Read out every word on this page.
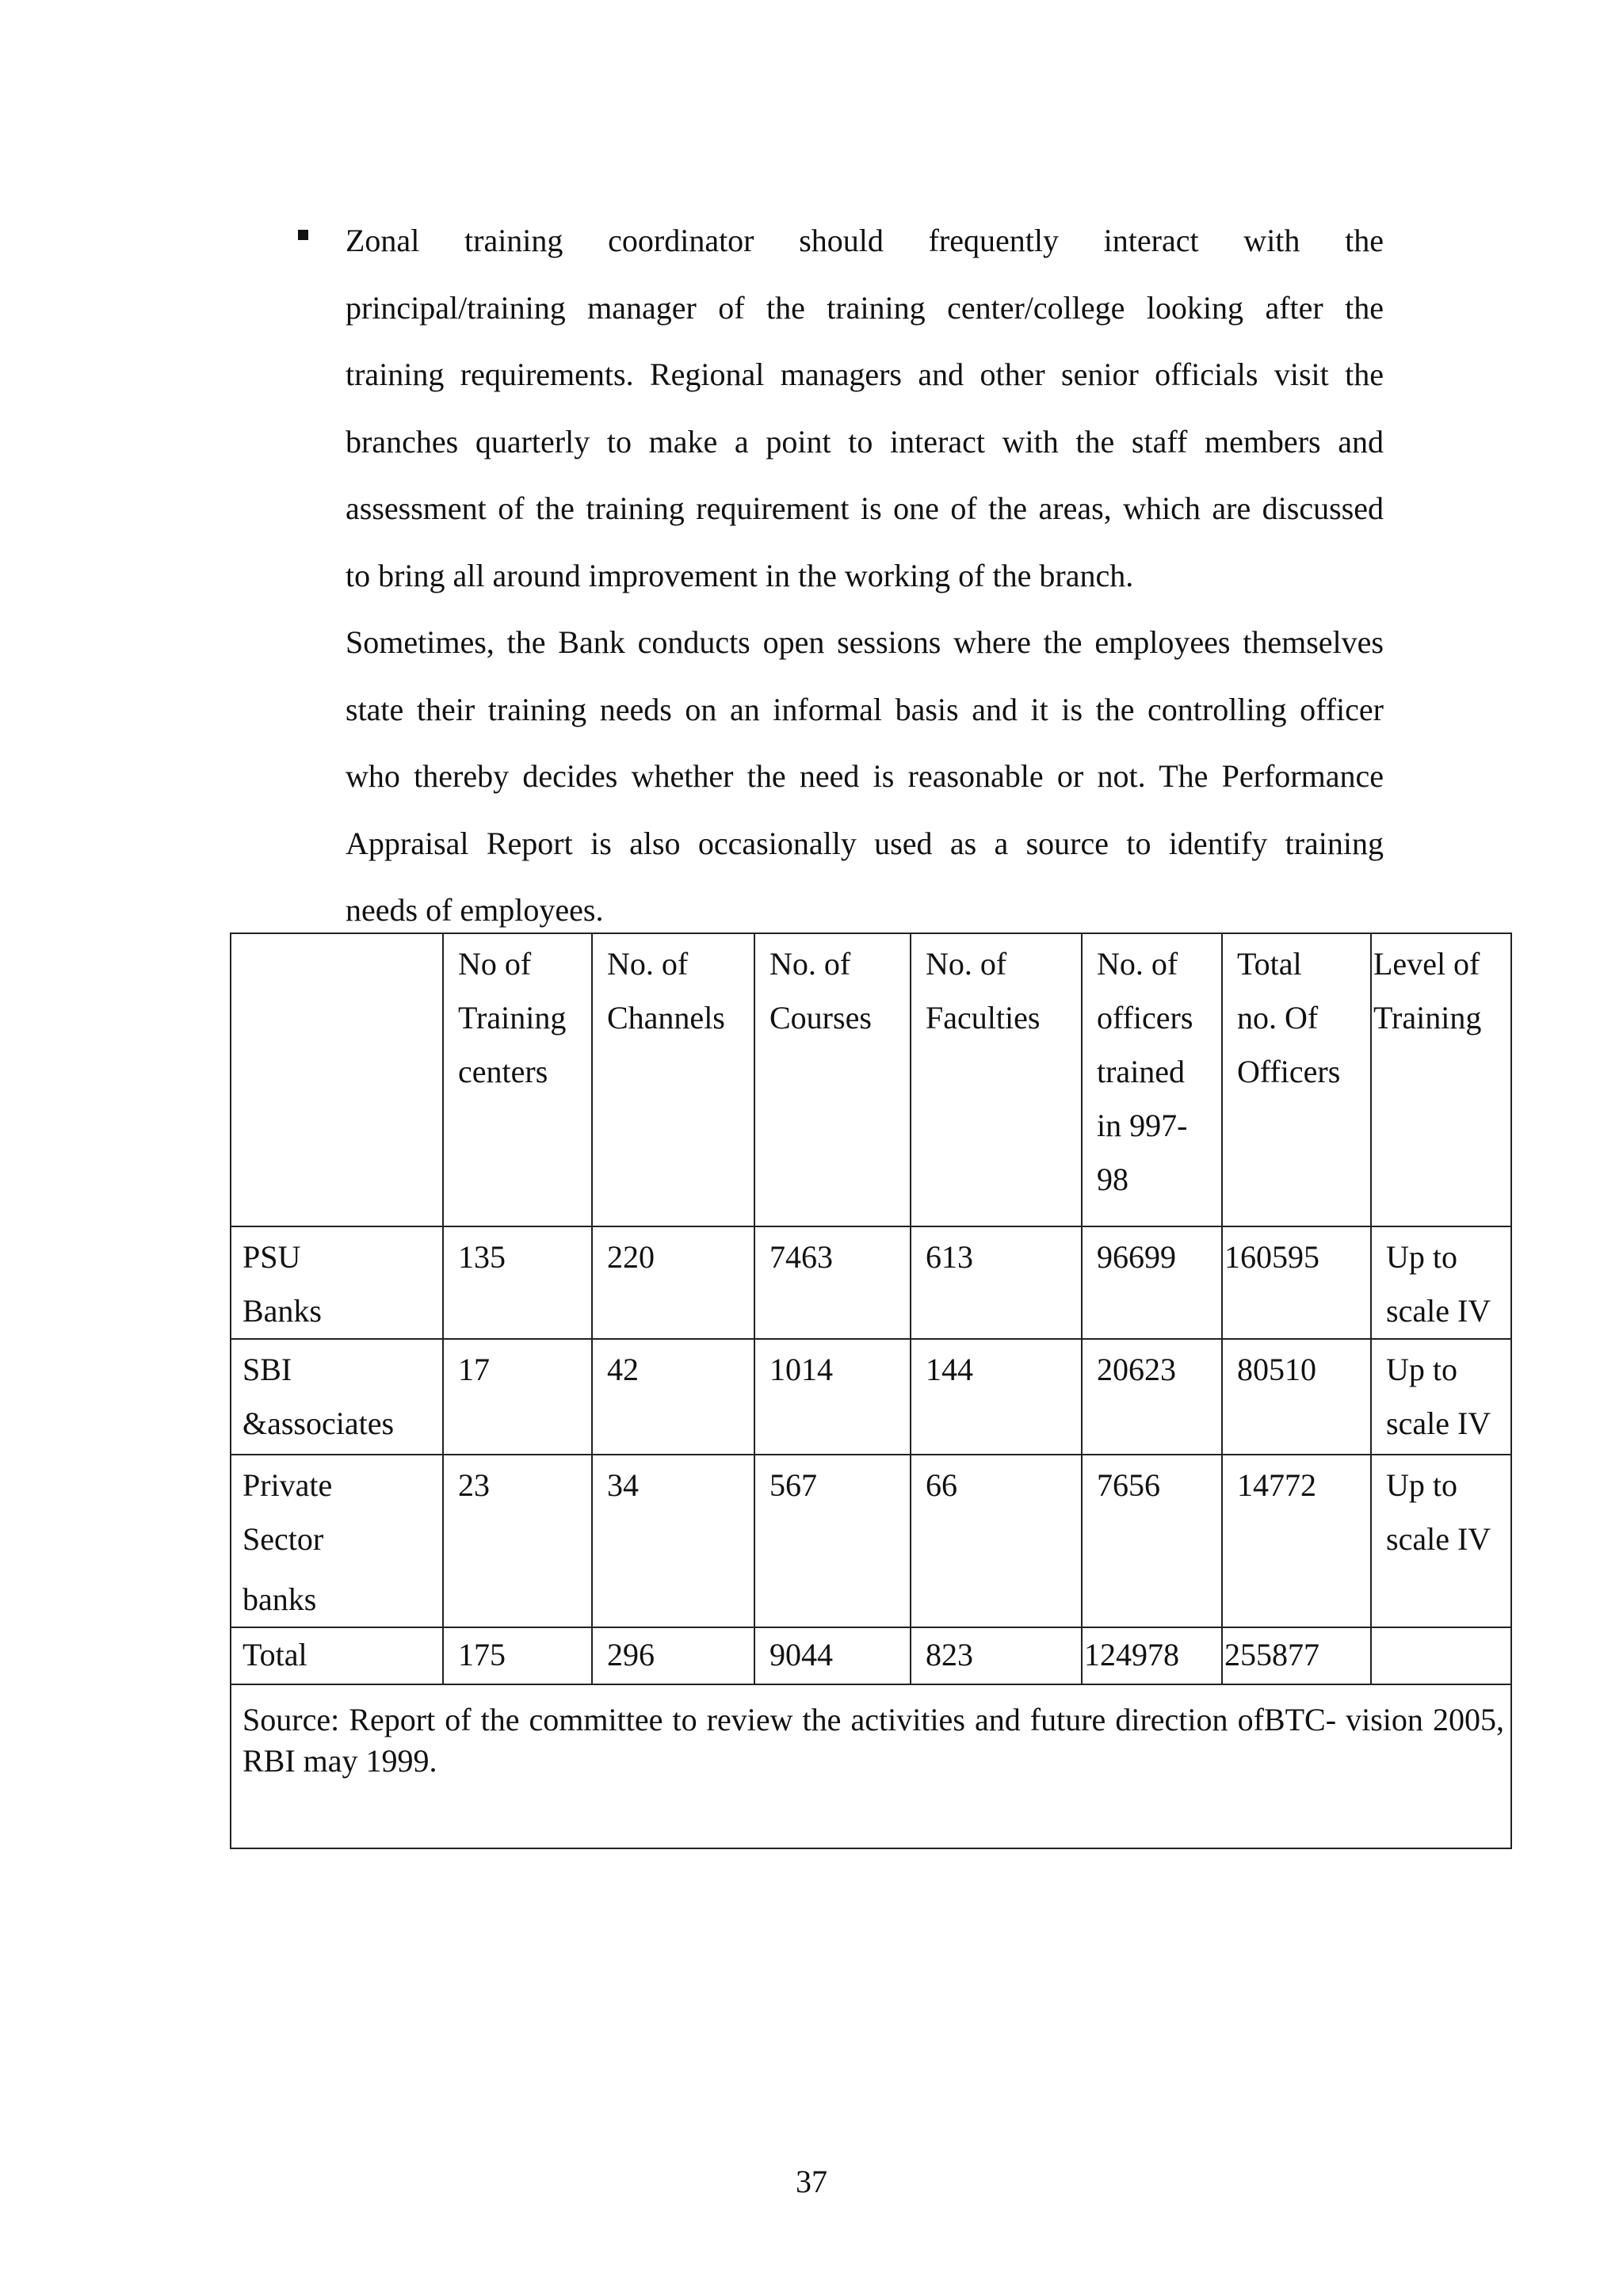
Zonal training coordinator should frequently interact with the
principal/training manager of the training center/college looking after the
training requirements. Regional managers and other senior officials visit the
branches quarterly to make a point to interact with the staff members and
assessment of the training requirement is one of the areas, which are discussed
to bring all around improvement in the working of the branch.
Sometimes, the Bank conducts open sessions where the employees themselves
state their training needs on an informal basis and it is the controlling officer
who thereby decides whether the need is reasonable or not. The Performance
Appraisal Report is also occasionally used as a source to identify training
needs of employees.

	No of
Training
centers	No. of
Channels	No. of
Courses	No. of
Faculties	No. of
officers
trained
in 997-
98	Total
no. Of
Officers	Level of
Training

PSU
Banks	135	220	7463	613	96699	160595	Up to
scale IV

SBI
&associates	17	42	1014	144	20623	80510	Up to
scale IV

Private
Sector
banks	23	34	567	66	7656	14772	Up to
scale IV

Total	175	296	9044	823	124978	255877	

Source: Report of the committee to review the activities and future direction ofBTC- vision 2005, RBI may 1999.							
37
